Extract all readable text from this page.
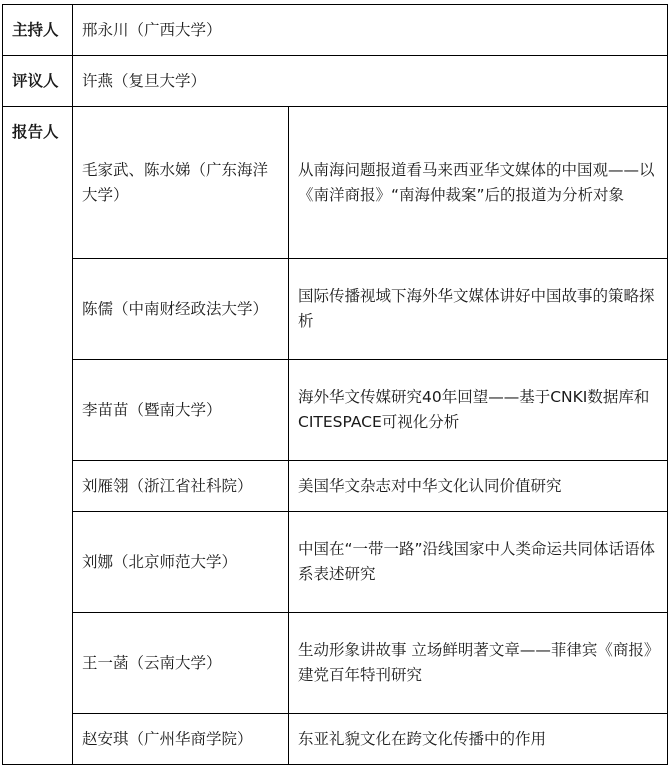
主持人	邢永川（广西大学）	
评议人	许燕（复旦大学）	
报告人	毛家武、陈水娣（广东海洋大学）	从南海问题报道看马来西亚华文媒体的中国观——以《南洋商报》“南海仲裁案”后的报道为分析对象
	陈儒（中南财经政法大学）	国际传播视域下海外华文媒体讲好中国故事的策略探析
	李苗苗（暨南大学）	海外华文传媒研究40年回望——基于CNKI数据库和CITESPACE可视化分析
	刘雁翎（浙江省社科院）	美国华文杂志对中华文化认同价值研究
	刘娜（北京师范大学）	中国在“一带一路”沿线国家中人类命运共同体话语体系表述研究
	王一菡（云南大学）	生动形象讲故事 立场鲜明著文章——菲律宾《商报》建党百年特刊研究
	赵安琪（广州华商学院）	东亚礼貌文化在跨文化传播中的作用
